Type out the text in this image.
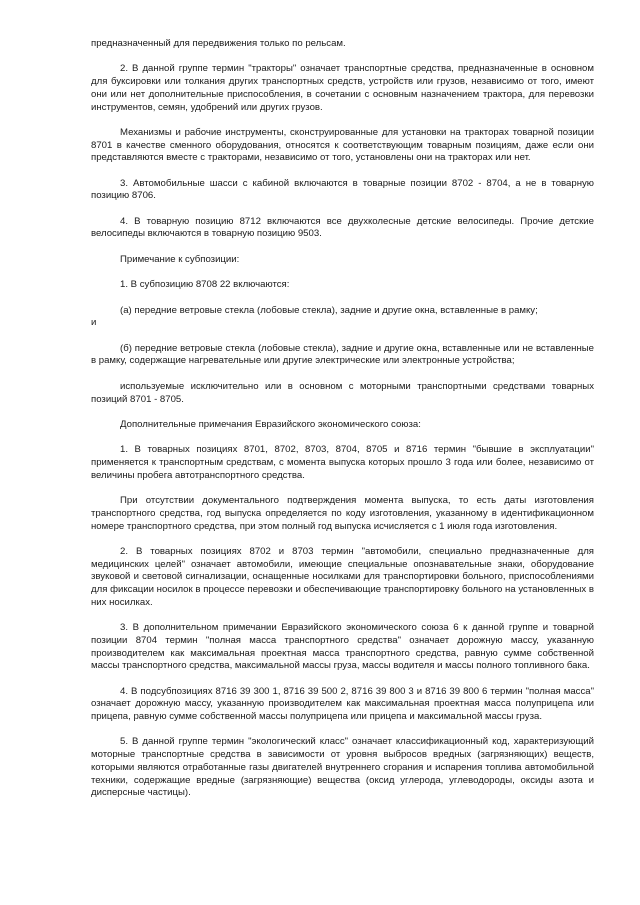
предназначенный для передвижения только по рельсам.

2. В данной группе термин "тракторы" означает транспортные средства, предназначенные в основном для буксировки или толкания других транспортных средств, устройств или грузов, независимо от того, имеют они или нет дополнительные приспособления, в сочетании с основным назначением трактора, для перевозки инструментов, семян, удобрений или других грузов.

Механизмы и рабочие инструменты, сконструированные для установки на тракторах товарной позиции 8701 в качестве сменного оборудования, относятся к соответствующим товарным позициям, даже если они представляются вместе с тракторами, независимо от того, установлены они на тракторах или нет.

3. Автомобильные шасси с кабиной включаются в товарные позиции 8702 - 8704, а не в товарную позицию 8706.

4. В товарную позицию 8712 включаются все двухколесные детские велосипеды. Прочие детские велосипеды включаются в товарную позицию 9503.

Примечание к субпозиции:

1. В субпозицию 8708 22 включаются:

(а) передние ветровые стекла (лобовые стекла), задние и другие окна, вставленные в рамку;

и

(б) передние ветровые стекла (лобовые стекла), задние и другие окна, вставленные или не вставленные в рамку, содержащие нагревательные или другие электрические или электронные устройства;

используемые исключительно или в основном с моторными транспортными средствами товарных позиций 8701 - 8705.

Дополнительные примечания Евразийского экономического союза:

1. В товарных позициях 8701, 8702, 8703, 8704, 8705 и 8716 термин "бывшие в эксплуатации" применяется к транспортным средствам, с момента выпуска которых прошло 3 года или более, независимо от величины пробега автотранспортного средства.

При отсутствии документального подтверждения момента выпуска, то есть даты изготовления транспортного средства, год выпуска определяется по коду изготовления, указанному в идентификационном номере транспортного средства, при этом полный год выпуска исчисляется с 1 июля года изготовления.

2. В товарных позициях 8702 и 8703 термин "автомобили, специально предназначенные для медицинских целей" означает автомобили, имеющие специальные опознавательные знаки, оборудование звуковой и световой сигнализации, оснащенные носилками для транспортировки больного, приспособлениями для фиксации носилок в процессе перевозки и обеспечивающие транспортировку больного на установленных в них носилках.

3. В дополнительном примечании Евразийского экономического союза 6 к данной группе и товарной позиции 8704 термин "полная масса транспортного средства" означает дорожную массу, указанную производителем как максимальная проектная масса транспортного средства, равную сумме собственной массы транспортного средства, максимальной массы груза, массы водителя и массы полного топливного бака.

4. В подсубпозициях 8716 39 300 1, 8716 39 500 2, 8716 39 800 3 и 8716 39 800 6 термин "полная масса" означает дорожную массу, указанную производителем как максимальная проектная масса полуприцепа или прицепа, равную сумме собственной массы полуприцепа или прицепа и максимальной массы груза.

5. В данной группе термин "экологический класс" означает классификационный код, характеризующий моторные транспортные средства в зависимости от уровня выбросов вредных (загрязняющих) веществ, которыми являются отработанные газы двигателей внутреннего сгорания и испарения топлива автомобильной техники, содержащие вредные (загрязняющие) вещества (оксид углерода, углеводороды, оксиды азота и дисперсные частицы).
